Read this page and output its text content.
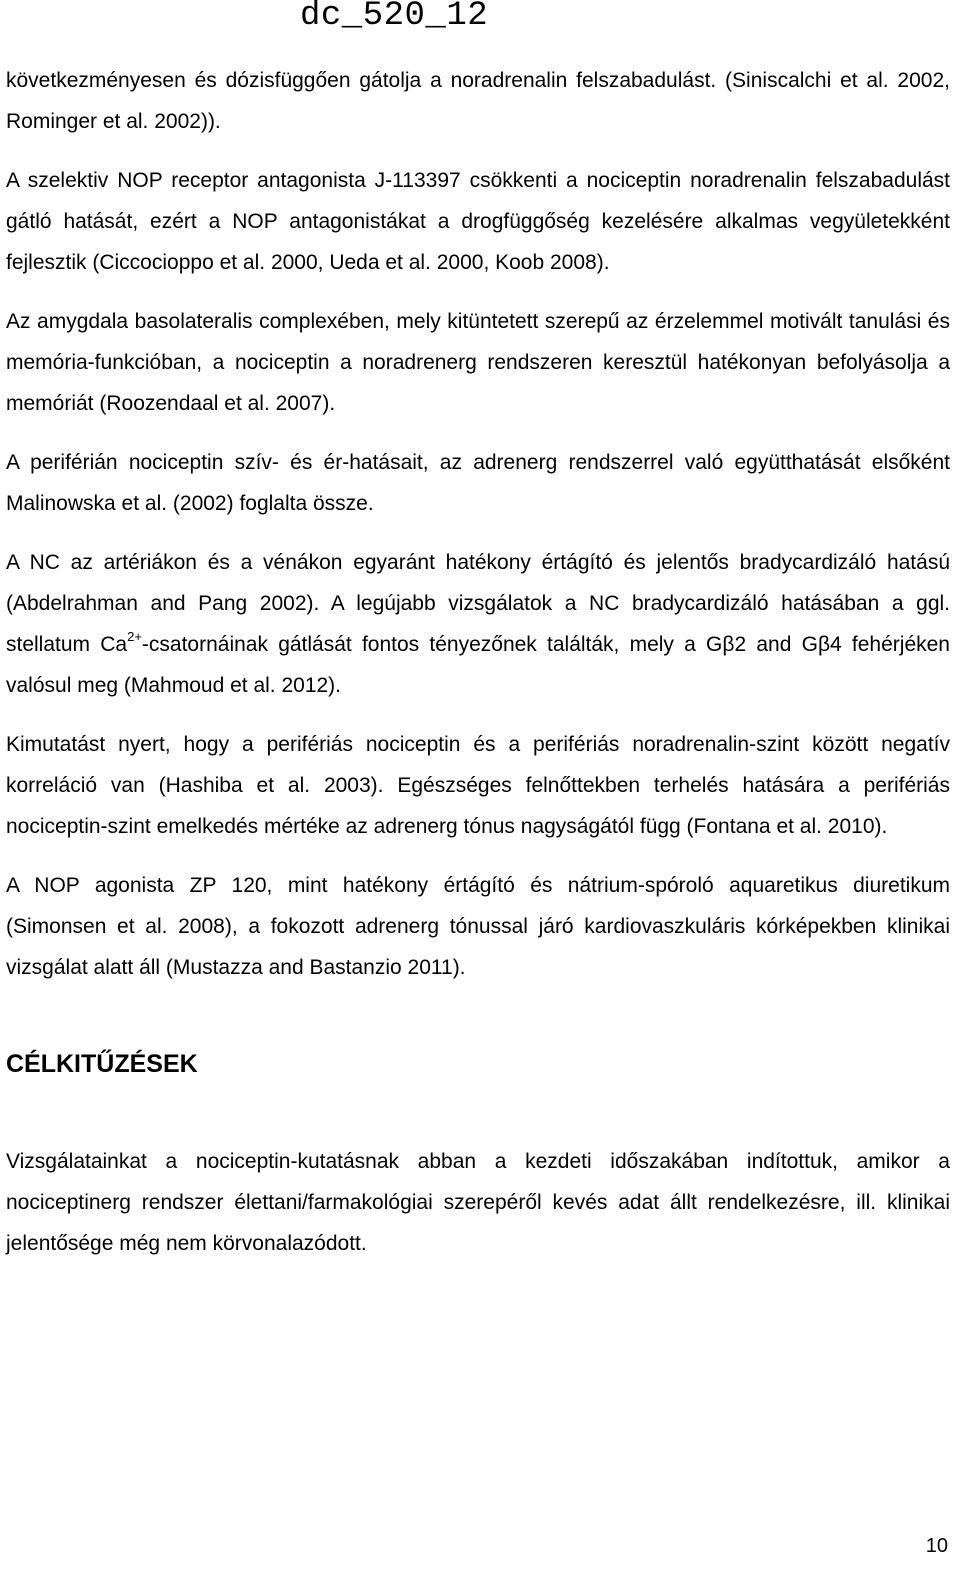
dc_520_12

következményesen és dózisfüggően gátolja a noradrenalin felszabadulást. (Siniscalchi et al. 2002, Rominger et al. 2002)).

A szelektiv NOP receptor antagonista J-113397 csökkenti a nociceptin noradrenalin felszabadulást gátló hatását, ezért a NOP antagonistákat a drogfüggőség kezelésére alkalmas vegyületekként fejlesztik (Ciccocioppo et al. 2000, Ueda et al. 2000, Koob 2008).

Az amygdala basolateralis complexében, mely kitüntetett szerepű az érzelemmel motivált tanulási és memória-funkcióban, a nociceptin a noradrenerg rendszeren keresztül hatékonyan befolyásolja a memóriát (Roozendaal et al. 2007).

A periférián nociceptin szív- és ér-hatásait, az adrenerg rendszerrel való együtthatását elsőként Malinowska et al. (2002) foglalta össze.

A NC az artériákon és a vénákon egyaránt hatékony értágító és jelentős bradycardizáló hatású (Abdelrahman and Pang 2002). A legújabb vizsgálatok a NC bradycardizáló hatásában a ggl. stellatum $Ca^{2+}$-csatornáinak gátlását fontos tényezőnek találták, mely a Gβ2 and Gβ4 fehérjéken valósul meg (Mahmoud et al. 2012).

Kimutatást nyert, hogy a perifériás nociceptin és a perifériás noradrenalin-szint között negatív korreláció van (Hashiba et al. 2003). Egészséges felnőttekben terhelés hatására a perifériás nociceptin-szint emelkedés mértéke az adrenerg tónus nagyságától függ (Fontana et al. 2010).

A NOP agonista ZP 120, mint hatékony értágító és nátrium-spóroló aquaretikus diuretikum (Simonsen et al. 2008), a fokozott adrenerg tónussal járó kardiovaszkuláris kórképekben klinikai vizsgálat alatt áll (Mustazza and Bastanzio 2011).

CÉLKITŰZÉSEK

Vizsgálatainkat a nociceptin-kutatásnak abban a kezdeti időszakában indítottuk, amikor a nociceptinerg rendszer élettani/farmakológiai szerepéről kevés adat állt rendelkezésre, ill. klinikai jelentősége még nem körvonalazódott.

10
